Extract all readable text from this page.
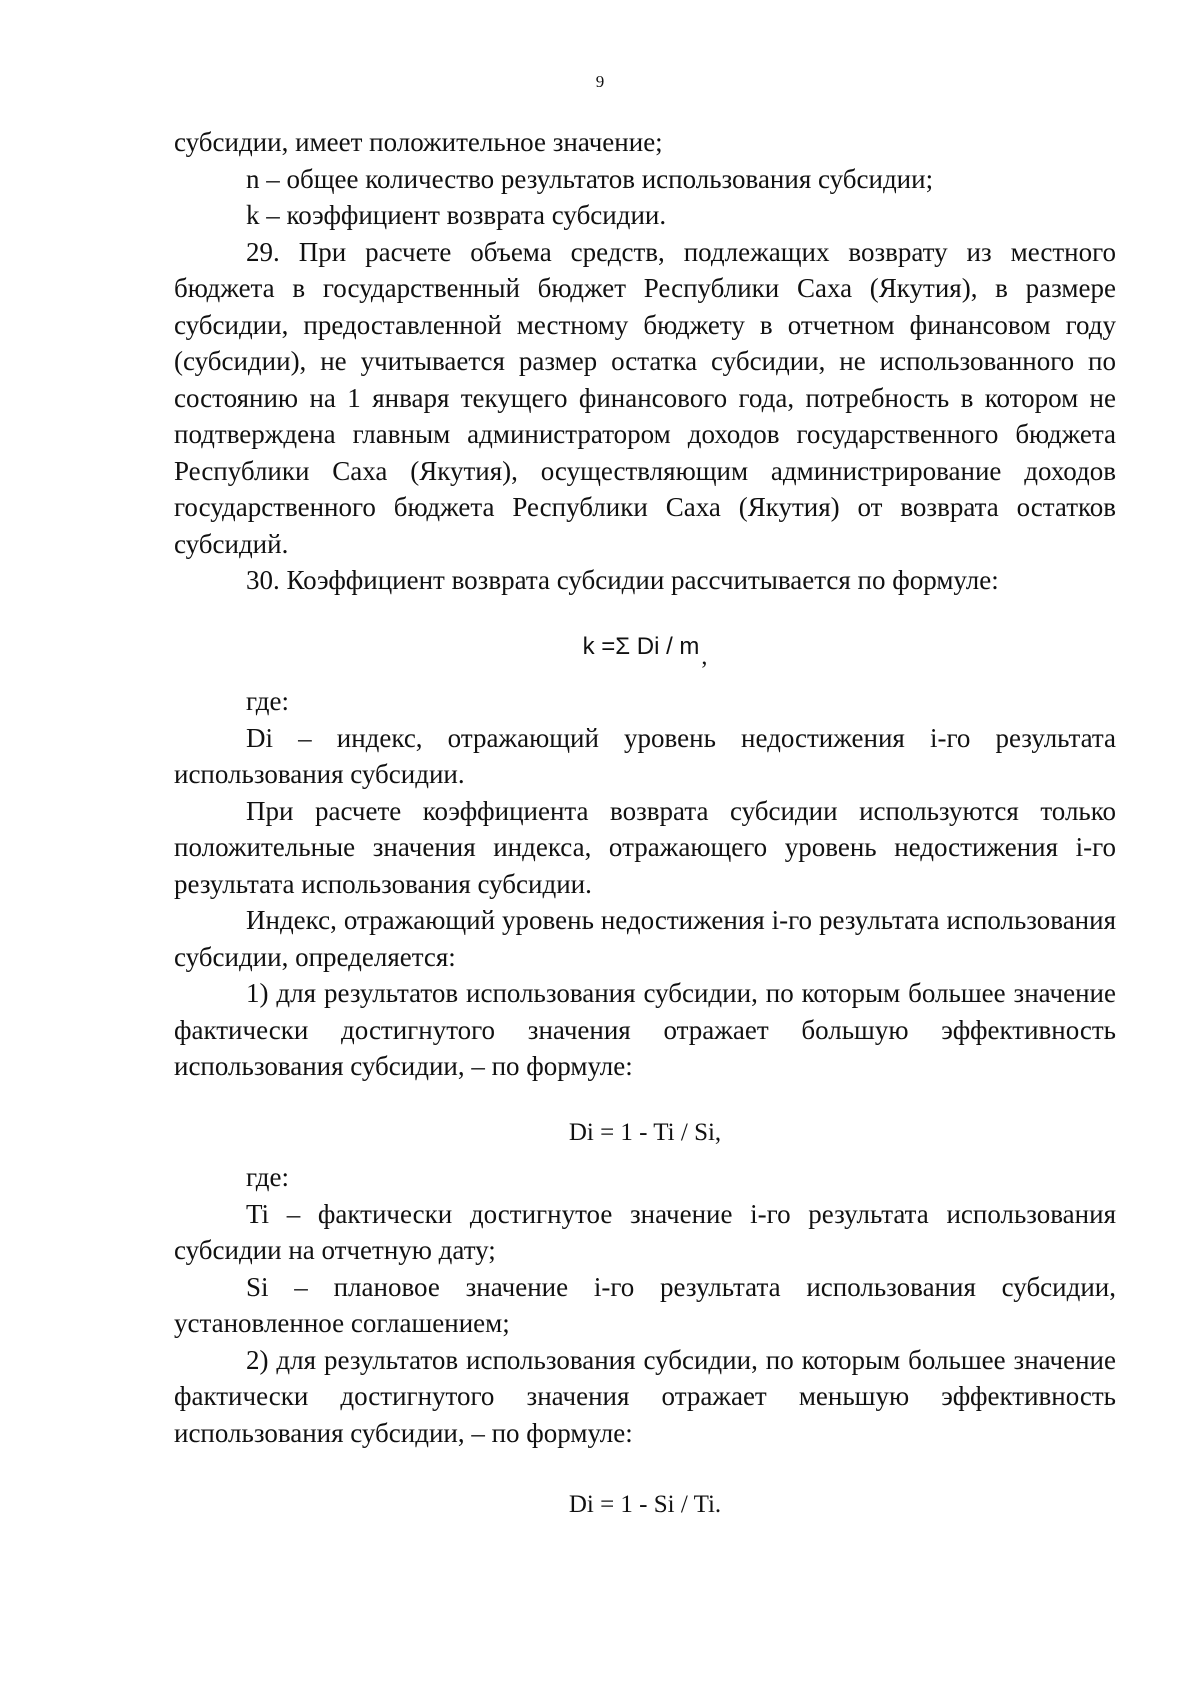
9

субсидии, имеет положительное значение;

n – общее количество результатов использования субсидии;

k – коэффициент возврата субсидии.

29. При расчете объема средств, подлежащих возврату из местного бюджета в государственный бюджет Республики Саха (Якутия), в размере субсидии, предоставленной местному бюджету в отчетном финансовом году (субсидии), не учитывается размер остатка субсидии, не использованного по состоянию на 1 января текущего финансового года, потребность в котором не подтверждена главным администратором доходов государственного бюджета Республики Саха (Якутия), осуществляющим администрирование доходов государственного бюджета Республики Саха (Якутия) от возврата остатков субсидий.

30. Коэффициент возврата субсидии рассчитывается по формуле:

k =Σ Di / m,

где:

Di – индекс, отражающий уровень недостижения i-го результата использования субсидии.

При расчете коэффициента возврата субсидии используются только положительные значения индекса, отражающего уровень недостижения i-го результата использования субсидии.

Индекс, отражающий уровень недостижения i-го результата использования субсидии, определяется:

1) для результатов использования субсидии, по которым большее значение фактически достигнутого значения отражает большую эффективность использования субсидии, – по формуле:

Di = 1 - Ti / Si,

где:

Ti – фактически достигнутое значение i-го результата использования субсидии на отчетную дату;

Si – плановое значение i-го результата использования субсидии, установленное соглашением;

2) для результатов использования субсидии, по которым большее значение фактически достигнутого значения отражает меньшую эффективность использования субсидии, – по формуле:

Di = 1 - Si / Ti.
